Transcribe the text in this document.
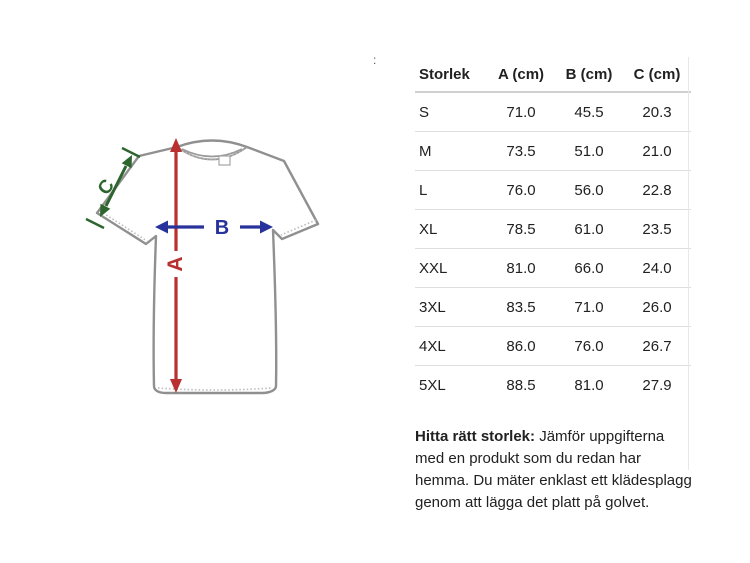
A
B
C
:
Storlek	A (cm)	B (cm)	C (cm)
S	71.0	45.5	20.3
M	73.5	51.0	21.0
L	76.0	56.0	22.8
XL	78.5	61.0	23.5
XXL	81.0	66.0	24.0
3XL	83.5	71.0	26.0
4XL	86.0	76.0	26.7
5XL	88.5	81.0	27.9

Hitta rätt storlek: Jämför uppgifterna med en produkt som du redan har hemma. Du mäter enklast ett klädesplagg genom att lägga det platt på golvet.
